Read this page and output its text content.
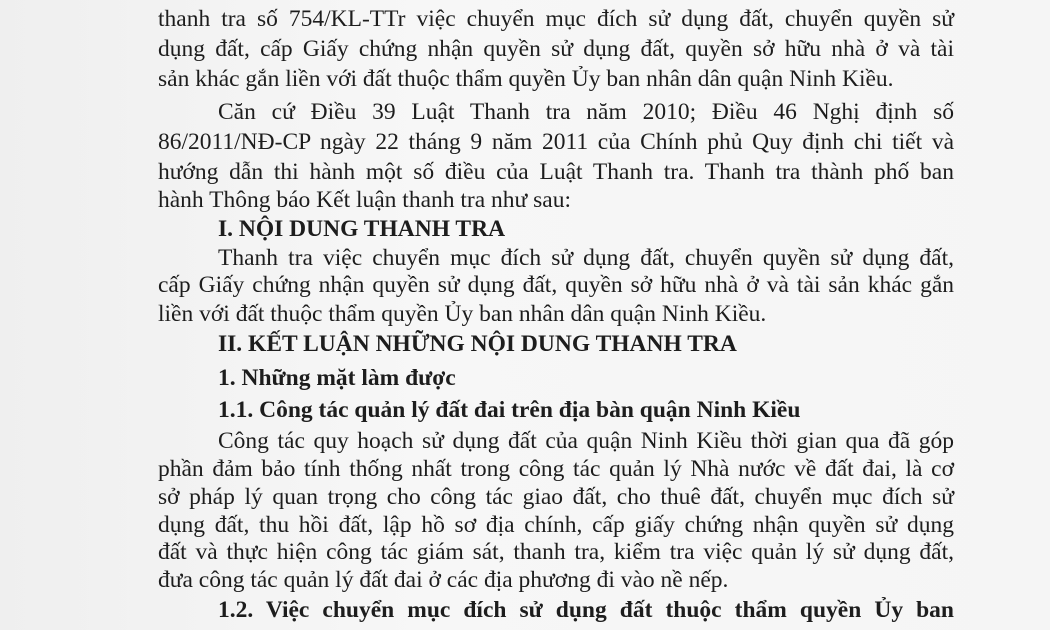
thanh tra số 754/KL-TTr việc chuyển mục đích sử dụng đất, chuyển quyền sử
dụng đất, cấp Giấy chứng nhận quyền sử dụng đất, quyền sở hữu nhà ở và tài
sản khác gắn liền với đất thuộc thẩm quyền Ủy ban nhân dân quận Ninh Kiều.
Căn cứ Điều 39 Luật Thanh tra năm 2010; Điều 46 Nghị định số
86/2011/NĐ-CP ngày 22 tháng 9 năm 2011 của Chính phủ Quy định chi tiết và
hướng dẫn thi hành một số điều của Luật Thanh tra. Thanh tra thành phố ban
hành Thông báo Kết luận thanh tra như sau:
I. NỘI DUNG THANH TRA
Thanh tra việc chuyển mục đích sử dụng đất, chuyển quyền sử dụng đất,
cấp Giấy chứng nhận quyền sử dụng đất, quyền sở hữu nhà ở và tài sản khác gắn
liền với đất thuộc thẩm quyền Ủy ban nhân dân quận Ninh Kiều.
II. KẾT LUẬN NHỮNG NỘI DUNG THANH TRA
1. Những mặt làm được
1.1. Công tác quản lý đất đai trên địa bàn quận Ninh Kiều
Công tác quy hoạch sử dụng đất của quận Ninh Kiều thời gian qua đã góp
phần đảm bảo tính thống nhất trong công tác quản lý Nhà nước về đất đai, là cơ
sở pháp lý quan trọng cho công tác giao đất, cho thuê đất, chuyển mục đích sử
dụng đất, thu hồi đất, lập hồ sơ địa chính, cấp giấy chứng nhận quyền sử dụng
đất và thực hiện công tác giám sát, thanh tra, kiểm tra việc quản lý sử dụng đất,
đưa công tác quản lý đất đai ở các địa phương đi vào nề nếp.
1.2. Việc chuyển mục đích sử dụng đất thuộc thẩm quyền Ủy ban
